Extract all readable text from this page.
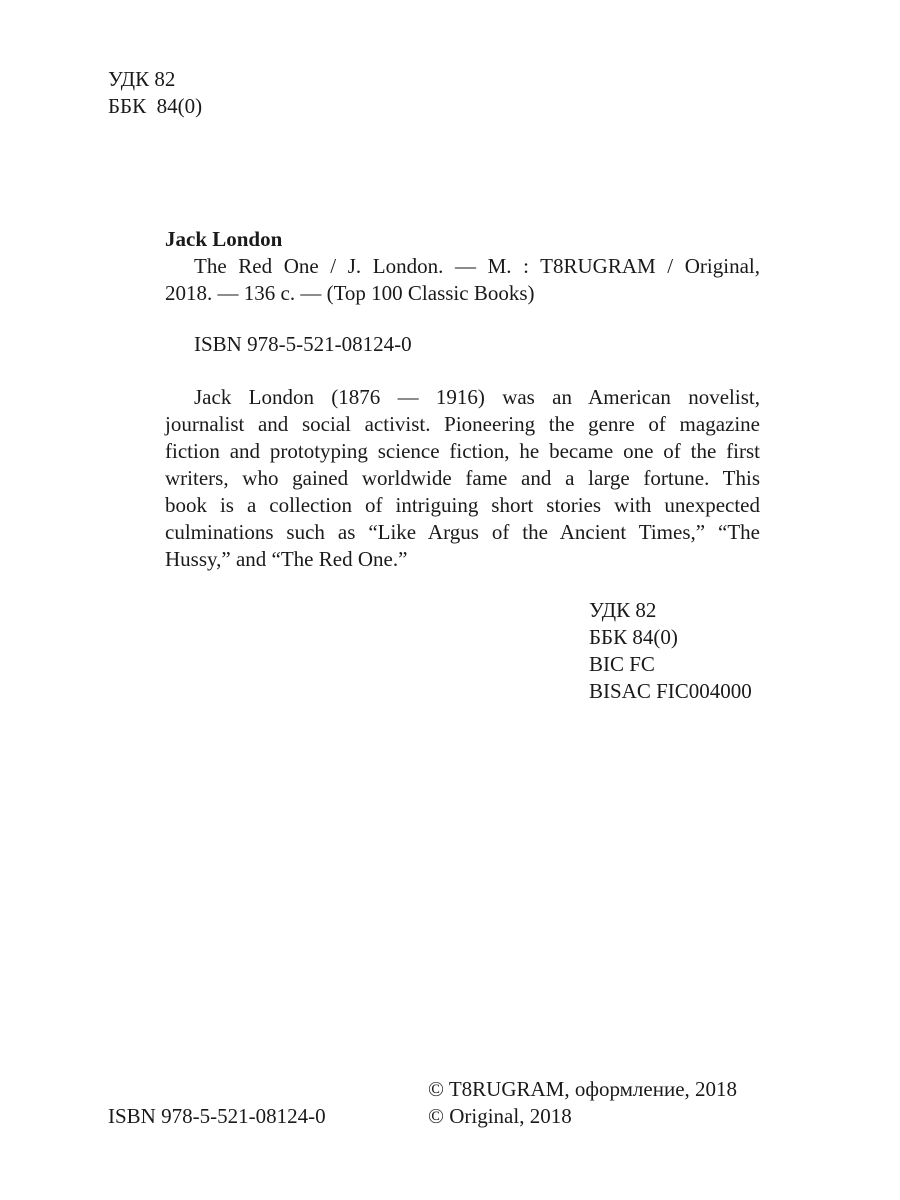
УДК 82
ББК  84(0)
Jack London
The Red One / J. London. — M. : T8RUGRAM / Original,
2018. — 136 c. — (Top 100 Classic Books)
ISBN 978-5-521-08124-0
Jack London (1876 — 1916) was an American novelist,
journalist and social activist. Pioneering the genre of magazine
fiction and prototyping science fiction, he became one of the first
writers, who gained worldwide fame and a large fortune. This
book is a collection of intriguing short stories with unexpected
culminations such as “Like Argus of the Ancient Times,” “The
Hussy,” and “The Red One.”
УДК 82
ББК 84(0)
BIC FC
BISAC FIC004000
ISBN 978-5-521-08124-0
© T8RUGRAM, оформление, 2018
© Original, 2018
